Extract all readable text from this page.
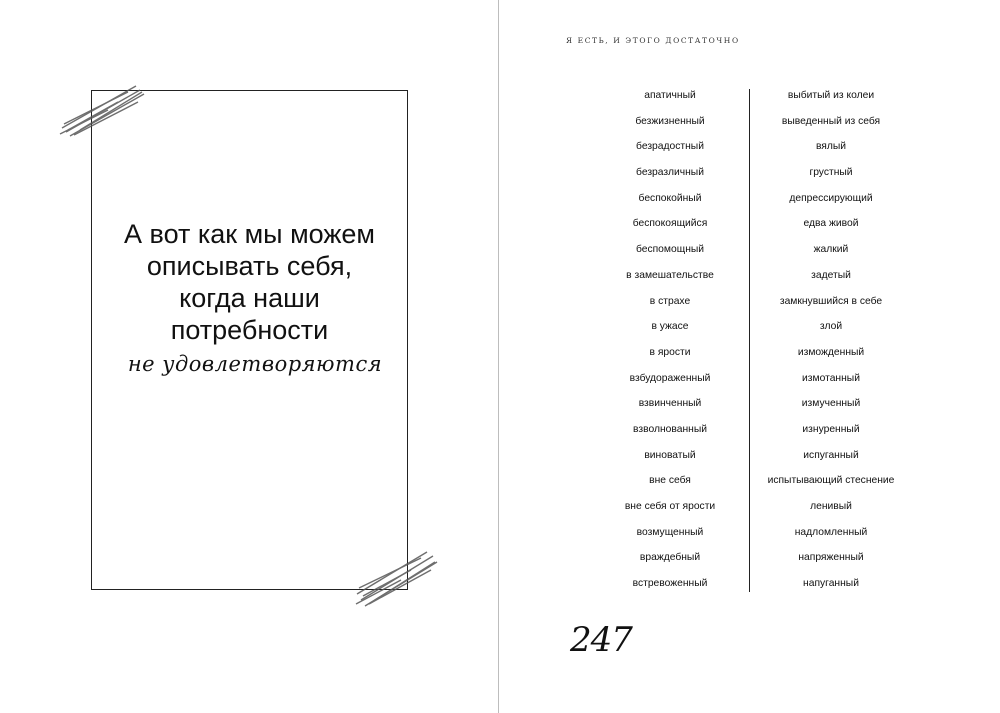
А вот как мы можем
описывать себя,
когда наши
потребности
не удовлетворяются
Я ЕСТЬ, И ЭТОГО ДОСТАТОЧНО
апатичный
безжизненный
безрадостный
безразличный
беспокойный
беспокоящийся
беспомощный
в замешательстве
в страхе
в ужасе
в ярости
взбудораженный
взвинченный
взволнованный
виноватый
вне себя
вне себя от ярости
возмущенный
враждебный
встревоженный
выбитый из колеи
выведенный из себя
вялый
грустный
депрессирующий
едва живой
жалкий
задетый
замкнувшийся в себе
злой
изможденный
измотанный
измученный
изнуренный
испуганный
испытывающий стеснение
ленивый
надломленный
напряженный
напуганный
247
